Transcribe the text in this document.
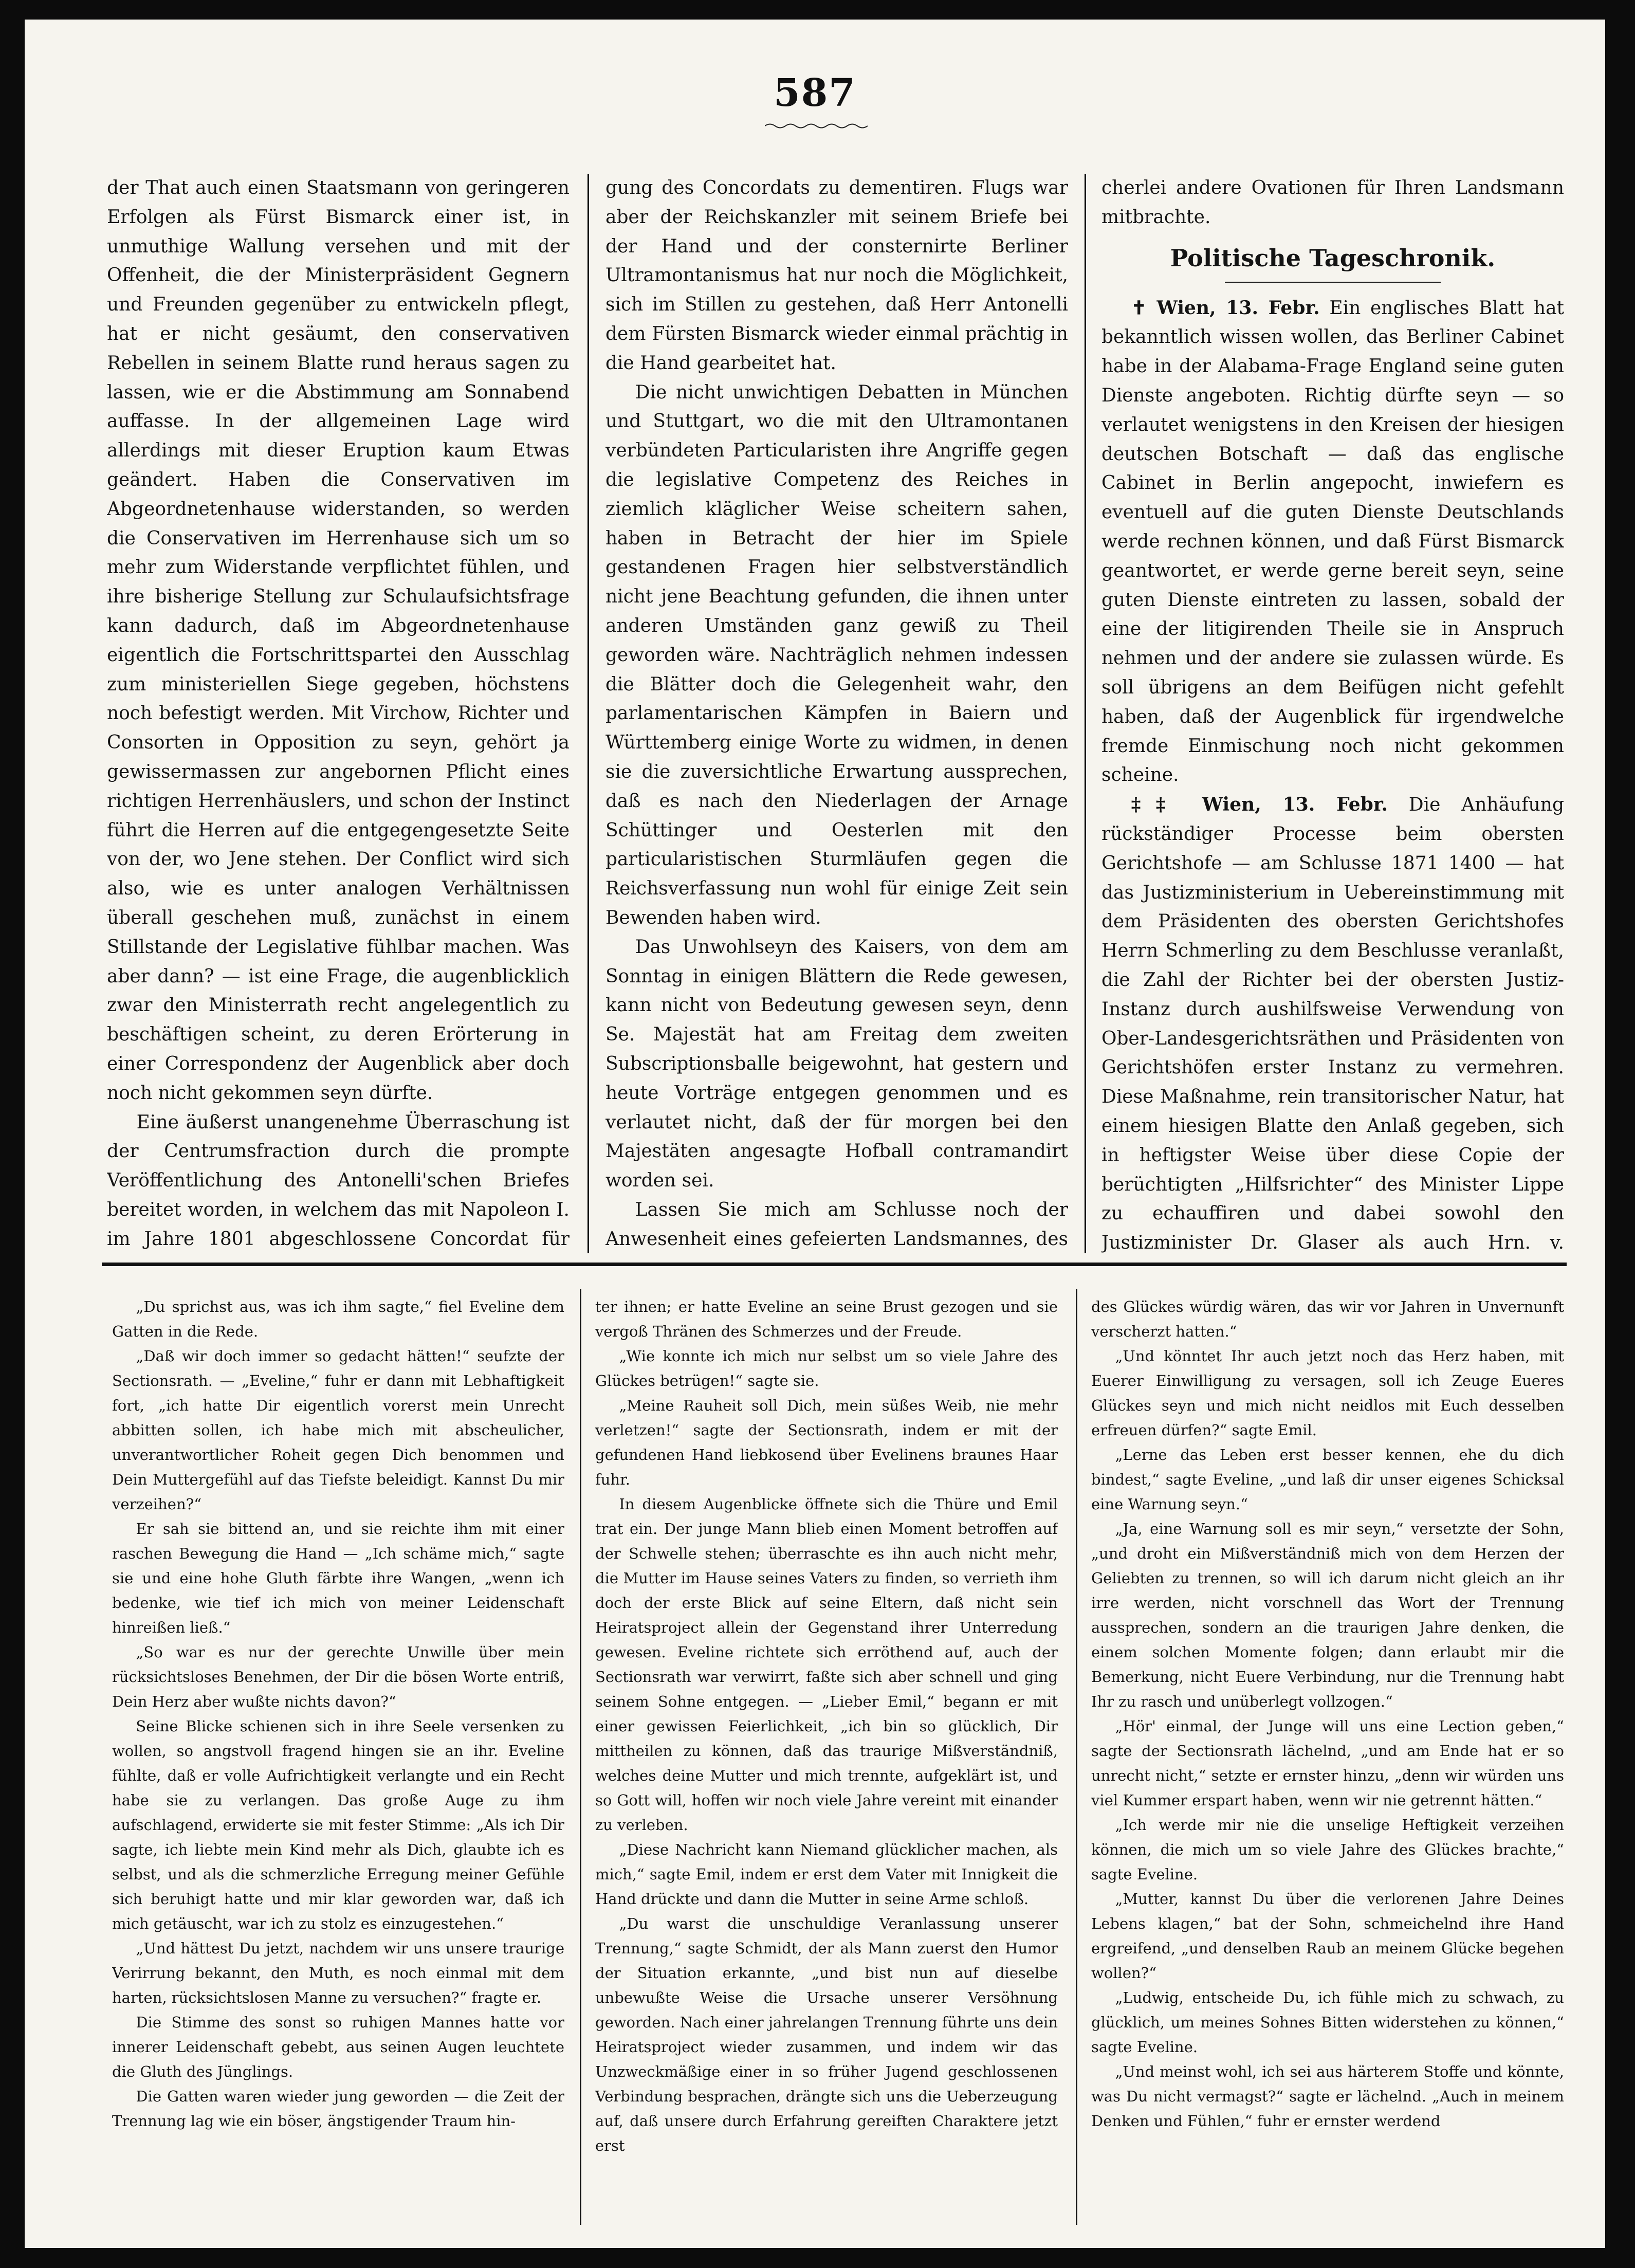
587

der That auch einen Staatsmann von geringeren Erfolgen als Fürst Bismarck einer ist, in unmuthige Wallung versehen und mit der Offenheit, die der Ministerpräsident Gegnern und Freunden gegenüber zu entwickeln pflegt, hat er nicht gesäumt, den conservativen Rebellen in seinem Blatte rund heraus sagen zu lassen, wie er die Abstimmung am Sonnabend auffasse. In der allgemeinen Lage wird allerdings mit dieser Eruption kaum Etwas geändert. Haben die Conservativen im Abgeordnetenhause widerstanden, so werden die Conservativen im Herrenhause sich um so mehr zum Widerstande verpflichtet fühlen, und ihre bisherige Stellung zur Schulaufsichtsfrage kann dadurch, daß im Abgeordnetenhause eigentlich die Fortschrittspartei den Ausschlag zum ministeriellen Siege gegeben, höchstens noch befestigt werden. Mit Virchow, Richter und Consorten in Opposition zu seyn, gehört ja gewissermassen zur angebornen Pflicht eines richtigen Herrenhäuslers, und schon der Instinct führt die Herren auf die entgegengesetzte Seite von der, wo Jene stehen. Der Conflict wird sich also, wie es unter analogen Verhältnissen überall geschehen muß, zunächst in einem Stillstande der Legislative fühlbar machen. Was aber dann? — ist eine Frage, die augenblicklich zwar den Ministerrath recht angelegentlich zu beschäftigen scheint, zu deren Erörterung in einer Correspondenz der Augenblick aber doch noch nicht gekommen seyn dürfte.

Eine äußerst unangenehme Überraschung ist der Centrumsfraction durch die prompte Veröffentlichung des Antonelli'schen Briefes bereitet worden, in welchem das mit Napoleon I. im Jahre 1801 abgeschlossene Concordat für

gung des Concordats zu dementiren. Flugs war aber der Reichskanzler mit seinem Briefe bei der Hand und der consternirte Berliner Ultramontanismus hat nur noch die Möglichkeit, sich im Stillen zu gestehen, daß Herr Antonelli dem Fürsten Bismarck wieder einmal prächtig in die Hand gearbeitet hat.

Die nicht unwichtigen Debatten in München und Stuttgart, wo die mit den Ultramontanen verbündeten Particularisten ihre Angriffe gegen die legislative Competenz des Reiches in ziemlich kläglicher Weise scheitern sahen, haben in Betracht der hier im Spiele gestandenen Fragen hier selbstverständlich nicht jene Beachtung gefunden, die ihnen unter anderen Umständen ganz gewiß zu Theil geworden wäre. Nachträglich nehmen indessen die Blätter doch die Gelegenheit wahr, den parlamentarischen Kämpfen in Baiern und Württemberg einige Worte zu widmen, in denen sie die zuversichtliche Erwartung aussprechen, daß es nach den Niederlagen der Arnage Schüttinger und Oesterlen mit den particularistischen Sturmläufen gegen die Reichsverfassung nun wohl für einige Zeit sein Bewenden haben wird.

Das Unwohlseyn des Kaisers, von dem am Sonntag in einigen Blättern die Rede gewesen, kann nicht von Bedeutung gewesen seyn, denn Se. Majestät hat am Freitag dem zweiten Subscriptionsballe beigewohnt, hat gestern und heute Vorträge entgegen genommen und es verlautet nicht, daß der für morgen bei den Majestäten angesagte Hofball contramandirt worden sei.

Lassen Sie mich am Schlusse noch der Anwesenheit eines gefeierten Landsmannes, des

cherlei andere Ovationen für Ihren Landsmann mitbrachte.

Politische Tageschronik.

✝ Wien, 13. Febr. Ein englisches Blatt hat bekanntlich wissen wollen, das Berliner Cabinet habe in der Alabama-Frage England seine guten Dienste angeboten. Richtig dürfte seyn — so verlautet wenigstens in den Kreisen der hiesigen deutschen Botschaft — daß das englische Cabinet in Berlin angepocht, inwiefern es eventuell auf die guten Dienste Deutschlands werde rechnen können, und daß Fürst Bismarck geantwortet, er werde gerne bereit seyn, seine guten Dienste eintreten zu lassen, sobald der eine der litigirenden Theile sie in Anspruch nehmen und der andere sie zulassen würde. Es soll übrigens an dem Beifügen nicht gefehlt haben, daß der Augenblick für irgendwelche fremde Einmischung noch nicht gekommen scheine.

‡‡ Wien, 13. Febr. Die Anhäufung rückständiger Processe beim obersten Gerichtshofe — am Schlusse 1871 1400 — hat das Justizministerium in Uebereinstimmung mit dem Präsidenten des obersten Gerichtshofes Herrn Schmerling zu dem Beschlusse veranlaßt, die Zahl der Richter bei der obersten Justiz-Instanz durch aushilfsweise Verwendung von Ober-Landesgerichtsräthen und Präsidenten von Gerichtshöfen erster Instanz zu vermehren. Diese Maßnahme, rein transitorischer Natur, hat einem hiesigen Blatte den Anlaß gegeben, sich in heftigster Weise über diese Copie der berüchtigten „Hilfsrichter“ des Minister Lippe zu echauffiren und dabei sowohl den Justizminister Dr. Glaser als auch Hrn. v.

„Du sprichst aus, was ich ihm sagte,“ fiel Eveline dem Gatten in die Rede.

„Daß wir doch immer so gedacht hätten!“ seufzte der Sectionsrath. — „Eveline,“ fuhr er dann mit Lebhaftigkeit fort, „ich hatte Dir eigentlich vorerst mein Unrecht abbitten sollen, ich habe mich mit abscheulicher, unverantwortlicher Roheit gegen Dich benommen und Dein Muttergefühl auf das Tiefste beleidigt. Kannst Du mir verzeihen?“

Er sah sie bittend an, und sie reichte ihm mit einer raschen Bewegung die Hand — „Ich schäme mich,“ sagte sie und eine hohe Gluth färbte ihre Wangen, „wenn ich bedenke, wie tief ich mich von meiner Leidenschaft hinreißen ließ.“

„So war es nur der gerechte Unwille über mein rücksichtsloses Benehmen, der Dir die bösen Worte entriß, Dein Herz aber wußte nichts davon?“

Seine Blicke schienen sich in ihre Seele versenken zu wollen, so angstvoll fragend hingen sie an ihr. Eveline fühlte, daß er volle Aufrichtigkeit verlangte und ein Recht habe sie zu verlangen. Das große Auge zu ihm aufschlagend, erwiderte sie mit fester Stimme: „Als ich Dir sagte, ich liebte mein Kind mehr als Dich, glaubte ich es selbst, und als die schmerzliche Erregung meiner Gefühle sich beruhigt hatte und mir klar geworden war, daß ich mich getäuscht, war ich zu stolz es einzugestehen.“

„Und hättest Du jetzt, nachdem wir uns unsere traurige Verirrung bekannt, den Muth, es noch einmal mit dem harten, rücksichtslosen Manne zu versuchen?“ fragte er.

Die Stimme des sonst so ruhigen Mannes hatte vor innerer Leidenschaft gebebt, aus seinen Augen leuchtete die Gluth des Jünglings.

Die Gatten waren wieder jung geworden — die Zeit der Trennung lag wie ein böser, ängstigender Traum hin-

ter ihnen; er hatte Eveline an seine Brust gezogen und sie vergoß Thränen des Schmerzes und der Freude.

„Wie konnte ich mich nur selbst um so viele Jahre des Glückes betrügen!“ sagte sie.

„Meine Rauheit soll Dich, mein süßes Weib, nie mehr verletzen!“ sagte der Sectionsrath, indem er mit der gefundenen Hand liebkosend über Evelinens braunes Haar fuhr.

In diesem Augenblicke öffnete sich die Thüre und Emil trat ein. Der junge Mann blieb einen Moment betroffen auf der Schwelle stehen; überraschte es ihn auch nicht mehr, die Mutter im Hause seines Vaters zu finden, so verrieth ihm doch der erste Blick auf seine Eltern, daß nicht sein Heiratsproject allein der Gegenstand ihrer Unterredung gewesen. Eveline richtete sich erröthend auf, auch der Sectionsrath war verwirrt, faßte sich aber schnell und ging seinem Sohne entgegen. — „Lieber Emil,“ begann er mit einer gewissen Feierlichkeit, „ich bin so glücklich, Dir mittheilen zu können, daß das traurige Mißverständniß, welches deine Mutter und mich trennte, aufgeklärt ist, und so Gott will, hoffen wir noch viele Jahre vereint mit einander zu verleben.

„Diese Nachricht kann Niemand glücklicher machen, als mich,“ sagte Emil, indem er erst dem Vater mit Innigkeit die Hand drückte und dann die Mutter in seine Arme schloß.

„Du warst die unschuldige Veranlassung unserer Trennung,“ sagte Schmidt, der als Mann zuerst den Humor der Situation erkannte, „und bist nun auf dieselbe unbewußte Weise die Ursache unserer Versöhnung geworden. Nach einer jahrelangen Trennung führte uns dein Heiratsproject wieder zusammen, und indem wir das Unzweckmäßige einer in so früher Jugend geschlossenen Verbindung besprachen, drängte sich uns die Ueberzeugung auf, daß unsere durch Erfahrung gereiften Charaktere jetzt erst

des Glückes würdig wären, das wir vor Jahren in Unvernunft verscherzt hatten.“

„Und könntet Ihr auch jetzt noch das Herz haben, mit Euerer Einwilligung zu versagen, soll ich Zeuge Eueres Glückes seyn und mich nicht neidlos mit Euch desselben erfreuen dürfen?“ sagte Emil.

„Lerne das Leben erst besser kennen, ehe du dich bindest,“ sagte Eveline, „und laß dir unser eigenes Schicksal eine Warnung seyn.“

„Ja, eine Warnung soll es mir seyn,“ versetzte der Sohn, „und droht ein Mißverständniß mich von dem Herzen der Geliebten zu trennen, so will ich darum nicht gleich an ihr irre werden, nicht vorschnell das Wort der Trennung aussprechen, sondern an die traurigen Jahre denken, die einem solchen Momente folgen; dann erlaubt mir die Bemerkung, nicht Euere Verbindung, nur die Trennung habt Ihr zu rasch und unüberlegt vollzogen.“

„Hör' einmal, der Junge will uns eine Lection geben,“ sagte der Sectionsrath lächelnd, „und am Ende hat er so unrecht nicht,“ setzte er ernster hinzu, „denn wir würden uns viel Kummer erspart haben, wenn wir nie getrennt hätten.“

„Ich werde mir nie die unselige Heftigkeit verzeihen können, die mich um so viele Jahre des Glückes brachte,“ sagte Eveline.

„Mutter, kannst Du über die verlorenen Jahre Deines Lebens klagen,“ bat der Sohn, schmeichelnd ihre Hand ergreifend, „und denselben Raub an meinem Glücke begehen wollen?“

„Ludwig, entscheide Du, ich fühle mich zu schwach, zu glücklich, um meines Sohnes Bitten widerstehen zu können,“ sagte Eveline.

„Und meinst wohl, ich sei aus härterem Stoffe und könnte, was Du nicht vermagst?“ sagte er lächelnd. „Auch in meinem Denken und Fühlen,“ fuhr er ernster werdend
